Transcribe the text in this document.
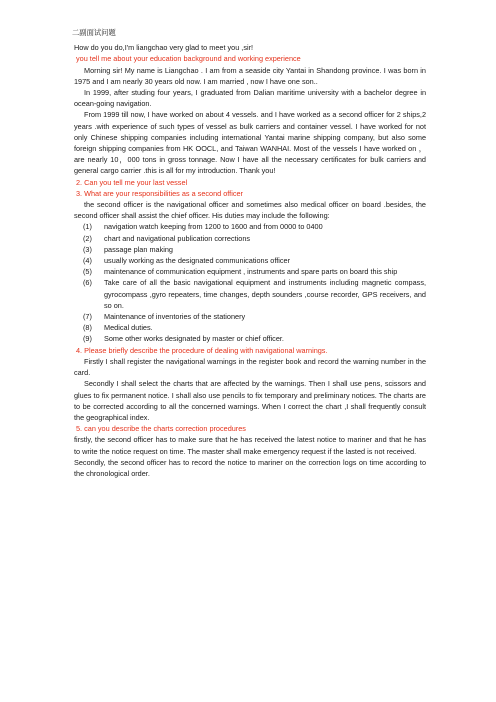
二副面试问题

How do you do,I'm liangchao very glad to meet you ,sir!

you tell me about your education background and working experience

Morning sir! My name is Liangchao . I am from a seaside city Yantai in Shandong province. I was born in 1975 and I am nearly 30 years old now. I am married , now I have one son..

In 1999, after studing four years, I graduated from Dalian maritime university with a bachelor degree in ocean-going navigation.

From 1999 till now, I have worked on about 4 vessels. and I have worked as a second officer for 2 ships,2 years .with experience of such types of vessel as bulk carriers and container vessel. I have worked for not only Chinese shipping companies including international Yantai marine shipping company, but also some foreign shipping companies from HK OOCL, and Taiwan WANHAI. Most of the vessels I have worked on ， are nearly 10，000 tons in gross tonnage. Now I have all the necessary certificates for bulk carriers and general cargo carrier .this is all for my introduction. Thank you!

2. Can you tell me your last vessel

3. What are your responsibilities as a second officer

the second officer is the navigational officer and sometimes also medical officer on board .besides, the second officer shall assist the chief officer. His duties may include the following:

(1) navigation watch keeping from 1200 to 1600 and from 0000 to 0400
(2) chart and navigational publication corrections
(3) passage plan making
(4) usually working as the designated communications officer
(5) maintenance of communication equipment , instruments and spare parts on board this ship
(6) Take care of all the basic navigational equipment and instruments including magnetic compass, gyrocompass ,gyro repeaters, time changes, depth sounders ,course recorder, GPS receivers, and so on.
(7) Maintenance of inventories of the stationery
(8) Medical duties.
(9) Some other works designated by master or chief officer.

4. Please briefly describe the procedure of dealing with navigational warnings.

Firstly I shall register the navigational warnings in the register book and record the warning number in the card.

Secondly I shall select the charts that are affected by the warnings. Then I shall use pens, scissors and glues to fix permanent notice. I shall also use pencils to fix temporary and preliminary notices. The charts are to be corrected according to all the concerned warnings. When I correct the chart ,I shall frequently consult the geographical index.

5. can you describe the charts correction procedures

firstly, the second officer has to make sure that he has received the latest notice to mariner and that he has to write the notice request on time. The master shall make emergency request if the lasted is not received.

Secondly, the second officer has to record the notice to mariner on the correction logs on time according to the chronological order.
